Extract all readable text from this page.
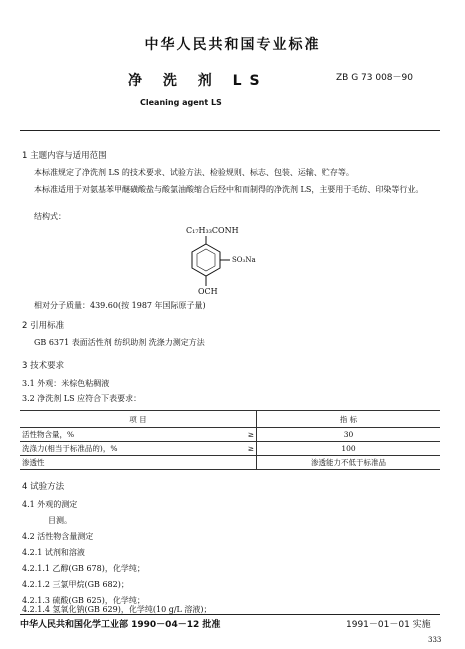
中华人民共和国专业标准
净 洗 剂 LS	ZB G 73 008－90
Cleaning agent LS
1 主题内容与适用范围
本标准规定了净洗剂 LS 的技术要求、试验方法、检验规则、标志、包装、运输、贮存等。
本标准适用于对氨基苯甲醚磺酸盐与酸氯油酸缩合后经中和而制得的净洗剂 LS，主要用于毛纺、印染等行业。
结构式：
C₁₇H₃₃CONH
SO₃Na
OCH
相对分子质量：439.60(按 1987 年国际原子量)
2 引用标准
GB 6371 表面活性剂 纺织助剂 洗涤力测定方法
3 技术要求
3.1 外观：米棕色粘稠液
3.2 净洗剂 LS 应符合下表要求：
项 目		指 标
活性物含量，%	≥	30
洗涤力(相当于标准品的)，%	≥	100
渗透性		渗透能力不低于标准品
4 试验方法
4.1 外观的测定
目测。
4.2 活性物含量测定
4.2.1 试剂和溶液
4.2.1.1 乙醇(GB 678)，化学纯；
4.2.1.2 三氯甲烷(GB 682)；
4.2.1.3 硫酸(GB 625)，化学纯；
4.2.1.4 氢氧化钠(GB 629)，化学纯(10 g/L 溶液)；
中华人民共和国化学工业部 1990－04－12 批准	1991－01－01 实施
333
